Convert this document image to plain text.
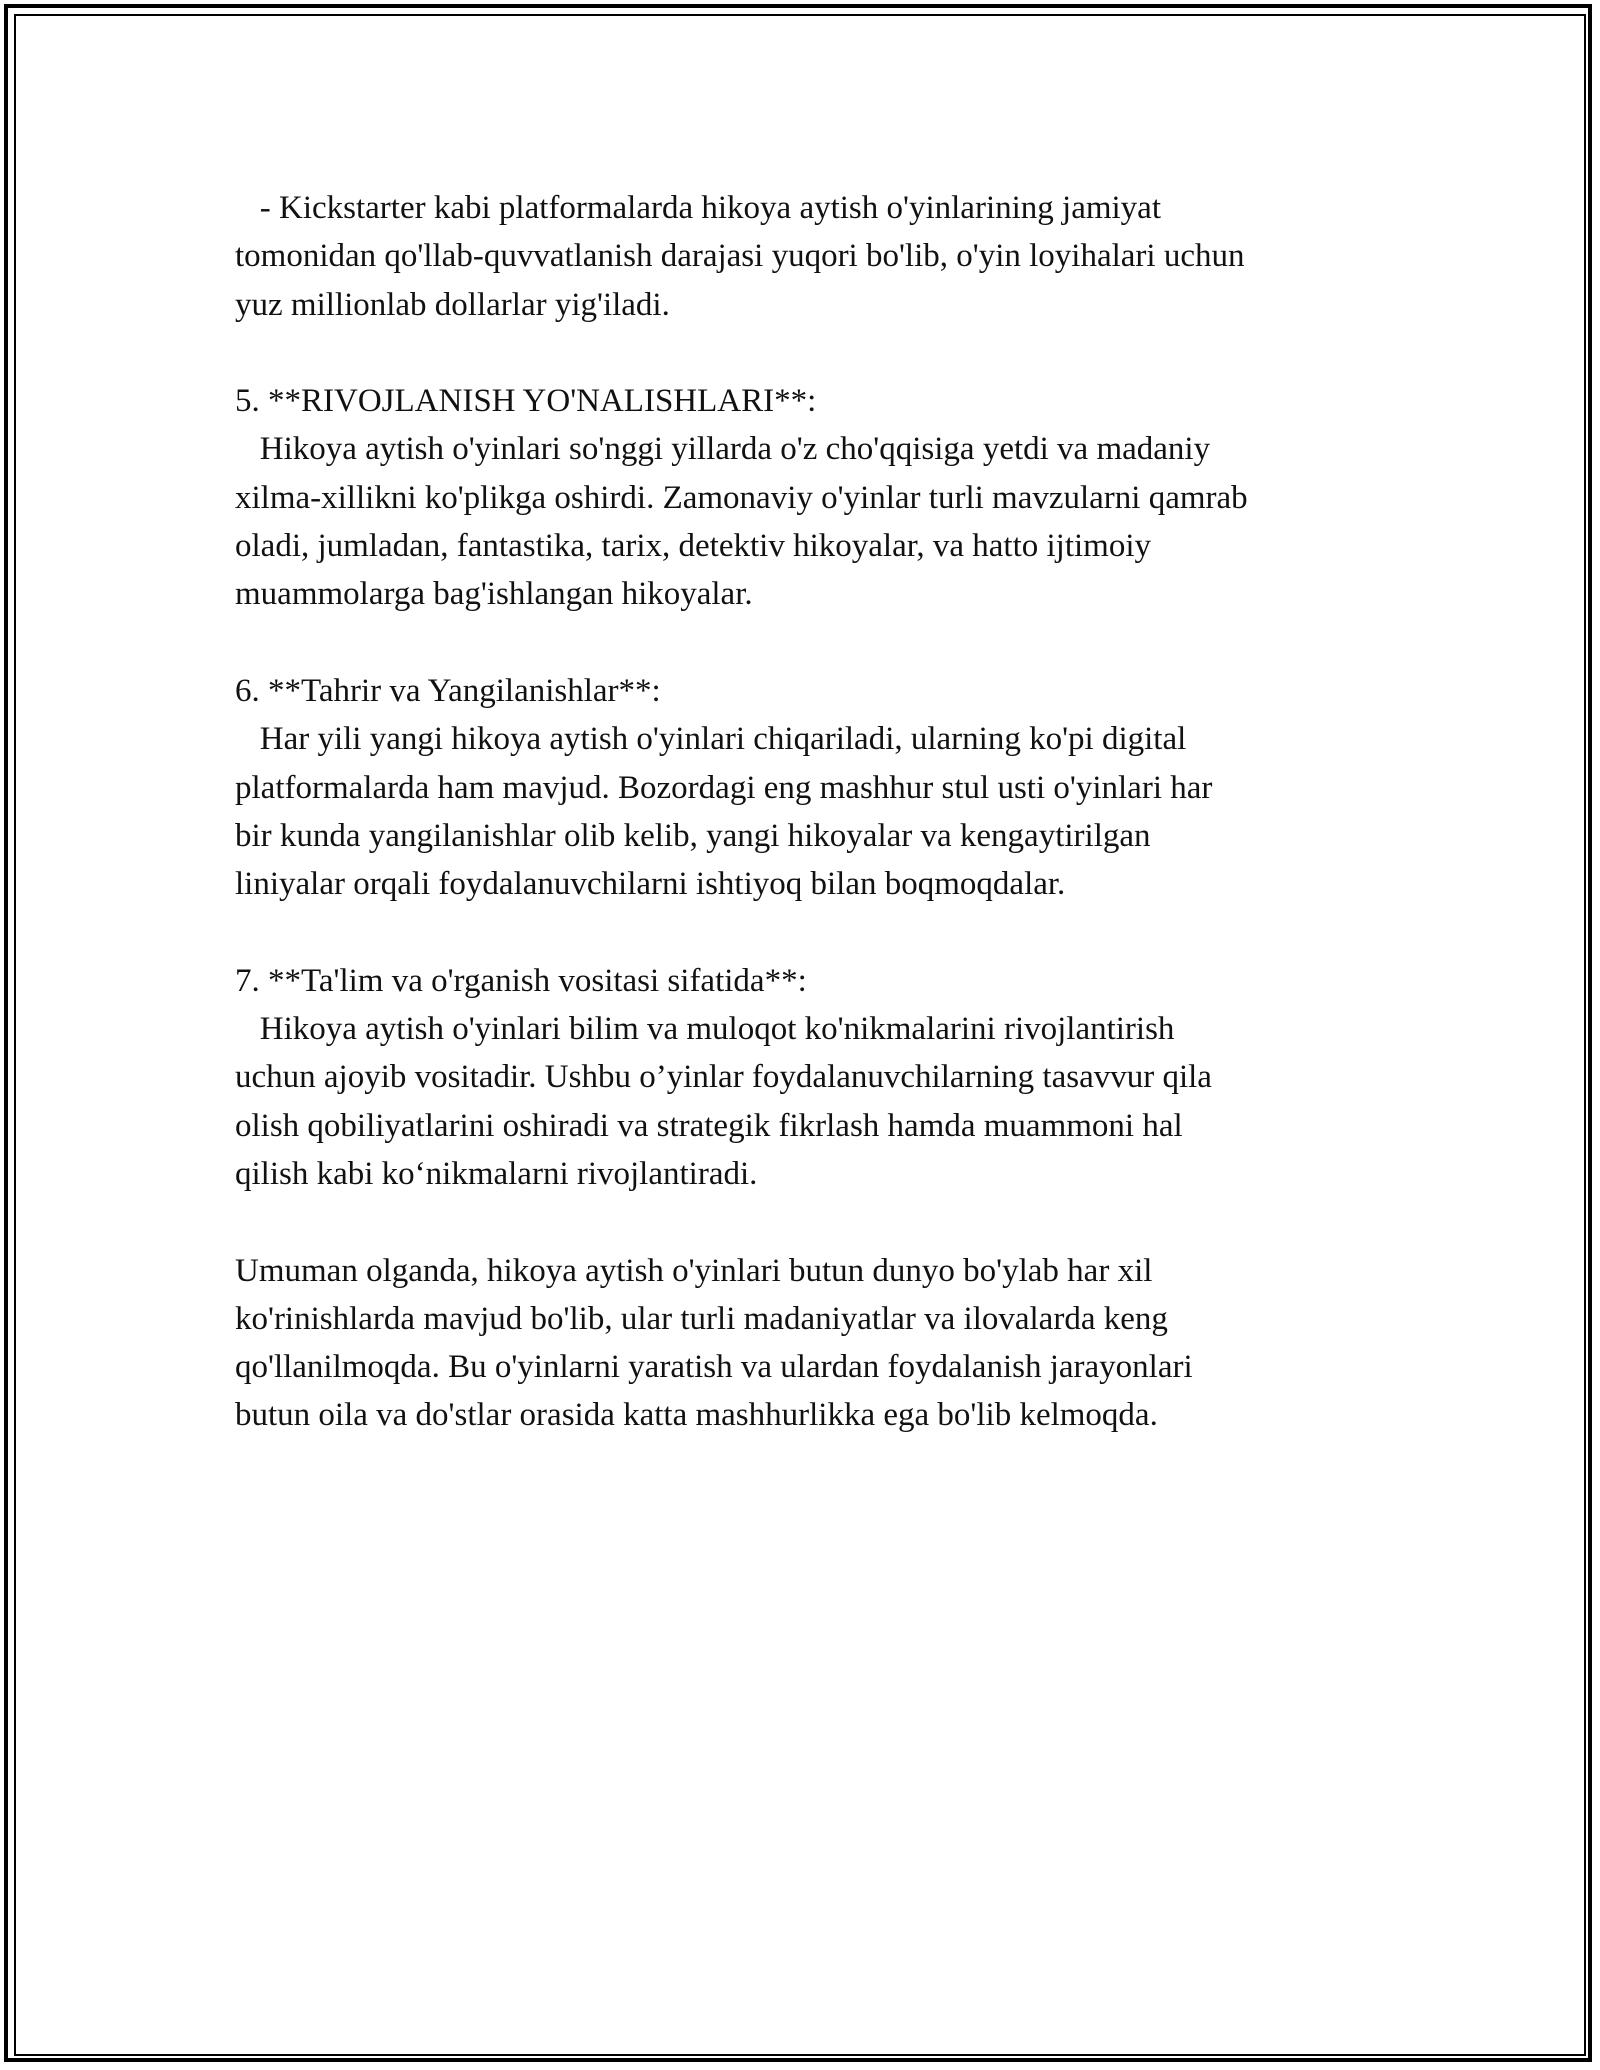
- Kickstarter kabi platformalarda hikoya aytish o'yinlarining jamiyat

tomonidan qo'llab-quvvatlanish darajasi yuqori bo'lib, o'yin loyihalari uchun

yuz millionlab dollarlar yig'iladi.

5. **RIVOJLANISH YO'NALISHLARI**:

Hikoya aytish o'yinlari so'nggi yillarda o'z cho'qqisiga yetdi va madaniy

xilma-xillikni ko'plikga oshirdi. Zamonaviy o'yinlar turli mavzularni qamrab

oladi, jumladan, fantastika, tarix, detektiv hikoyalar, va hatto ijtimoiy

muammolarga bag'ishlangan hikoyalar.

6. **Tahrir va Yangilanishlar**:

Har yili yangi hikoya aytish o'yinlari chiqariladi, ularning ko'pi digital

platformalarda ham mavjud. Bozordagi eng mashhur stul usti o'yinlari har

bir kunda yangilanishlar olib kelib, yangi hikoyalar va kengaytirilgan

liniyalar orqali foydalanuvchilarni ishtiyoq bilan boqmoqdalar.

7. **Ta'lim va o'rganish vositasi sifatida**:

Hikoya aytish o'yinlari bilim va muloqot ko'nikmalarini rivojlantirish

uchun ajoyib vositadir. Ushbu o’yinlar foydalanuvchilarning tasavvur qila

olish qobiliyatlarini oshiradi va strategik fikrlash hamda muammoni hal

qilish kabi ko‘nikmalarni rivojlantiradi.

Umuman olganda, hikoya aytish o'yinlari butun dunyo bo'ylab har xil

ko'rinishlarda mavjud bo'lib, ular turli madaniyatlar va ilovalarda keng

qo'llanilmoqda. Bu o'yinlarni yaratish va ulardan foydalanish jarayonlari

butun oila va do'stlar orasida katta mashhurlikka ega bo'lib kelmoqda.
